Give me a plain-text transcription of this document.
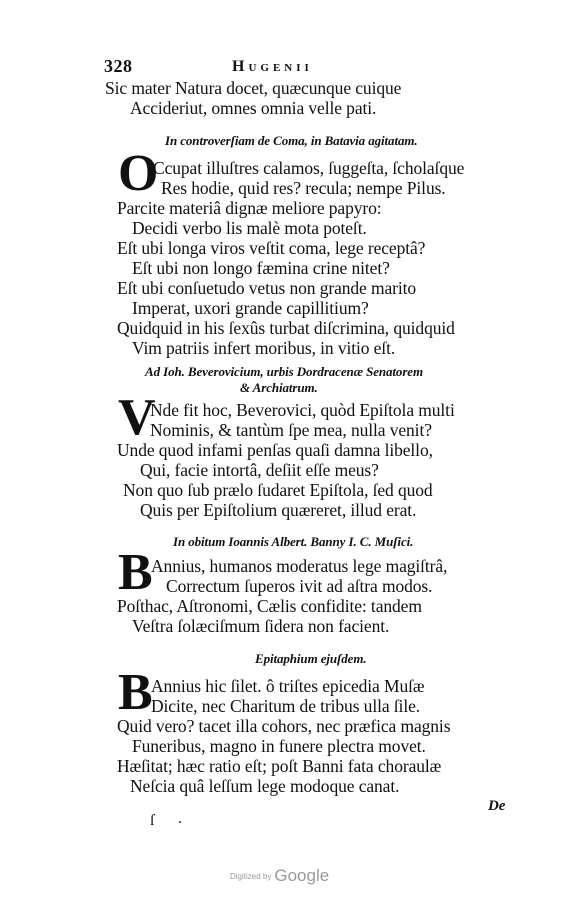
328	Hugenii
Sic mater Natura docet, quæcunque cuique
Accideriut, omnes omnia velle pati.
In controverſiam de Coma, in Batavia agitatam.
O
Ccupat illuſtres calamos, ſuggeſta, ſcholaſque
Res hodie, quid res? recula; nempe Pilus.
Parcite materiâ dignæ meliore papyro:
Decidi verbo lis malè mota poteſt.
Eſt ubi longa viros veſtit coma, lege receptâ?
Eſt ubi non longo fæmina crine nitet?
Eſt ubi conſuetudo vetus non grande marito
Imperat, uxori grande capillitium?
Quidquid in his ſexûs turbat diſcrimina, quidquid
Vim patriis infert moribus, in vitio eſt.
Ad Ioh. Beverovicium, urbis Dordracenæ Senatorem
& Archiatrum.
V
Nde fit hoc, Beverovici, quòd Epiſtola multi
Nominis, & tantùm ſpe mea, nulla venit?
Unde quod infami penſas quaſi damna libello,
Qui, facie intortâ, deſiit eſſe meus?
Non quo ſub prælo ſudaret Epiſtola, ſed quod
Quis per Epiſtolium quæreret, illud erat.
In obitum Ioannis Albert. Banny I. C. Muſici.
B
Annius, humanos moderatus lege magiſtrâ,
Correctum ſuperos ivit ad aſtra modos.
Poſthac, Aſtronomi, Cælis confidite: tandem
Veſtra ſolæciſmum ſidera non facient.
Epitaphium ejuſdem.
B
Annius hic ſilet. ô triſtes epicedia Muſæ
Dicite, nec Charitum de tribus ulla ſile.
Quid vero? tacet illa cohors, nec præfica magnis
Funeribus, magno in funere plectra movet.
Hæſitat; hæc ratio eſt; poſt Banni fata choraulæ
Neſcia quâ leſſum lege modoque canat.
De
ſ .
Digitized by Google
